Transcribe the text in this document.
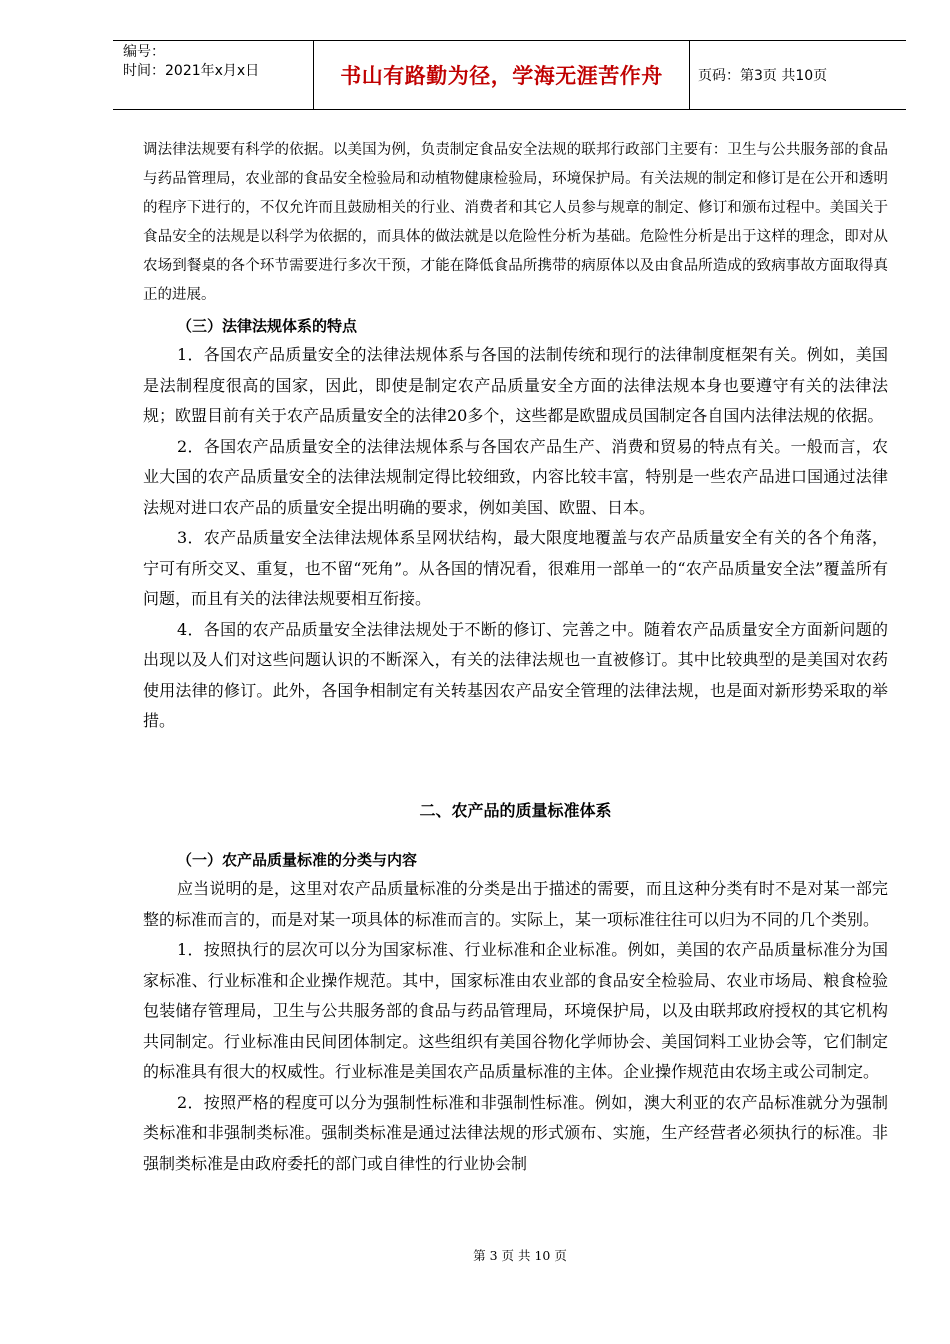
编号：
时间：2021年x月x日	书山有路勤为径，学海无涯苦作舟	页码：第3页 共10页

调法律法规要有科学的依据。以美国为例，负责制定食品安全法规的联邦行政部门主要有：卫生与公共服务部的食品与药品管理局，农业部的食品安全检验局和动植物健康检验局，环境保护局。有关法规的制定和修订是在公开和透明的程序下进行的，不仅允许而且鼓励相关的行业、消费者和其它人员参与规章的制定、修订和颁布过程中。美国关于食品安全的法规是以科学为依据的，而具体的做法就是以危险性分析为基础。危险性分析是出于这样的理念，即对从农场到餐桌的各个环节需要进行多次干预，才能在降低食品所携带的病原体以及由食品所造成的致病事故方面取得真正的进展。

（三）法律法规体系的特点

1．各国农产品质量安全的法律法规体系与各国的法制传统和现行的法律制度框架有关。例如，美国是法制程度很高的国家，因此，即使是制定农产品质量安全方面的法律法规本身也要遵守有关的法律法规；欧盟目前有关于农产品质量安全的法律20多个，这些都是欧盟成员国制定各自国内法律法规的依据。

2．各国农产品质量安全的法律法规体系与各国农产品生产、消费和贸易的特点有关。一般而言，农业大国的农产品质量安全的法律法规制定得比较细致，内容比较丰富，特别是一些农产品进口国通过法律法规对进口农产品的质量安全提出明确的要求，例如美国、欧盟、日本。

3．农产品质量安全法律法规体系呈网状结构，最大限度地覆盖与农产品质量安全有关的各个角落，宁可有所交叉、重复，也不留“死角”。从各国的情况看，很难用一部单一的“农产品质量安全法”覆盖所有问题，而且有关的法律法规要相互衔接。

4．各国的农产品质量安全法律法规处于不断的修订、完善之中。随着农产品质量安全方面新问题的出现以及人们对这些问题认识的不断深入，有关的法律法规也一直被修订。其中比较典型的是美国对农药使用法律的修订。此外，各国争相制定有关转基因农产品安全管理的法律法规，也是面对新形势采取的举措。

二、农产品的质量标准体系

（一）农产品质量标准的分类与内容

应当说明的是，这里对农产品质量标准的分类是出于描述的需要，而且这种分类有时不是对某一部完整的标准而言的，而是对某一项具体的标准而言的。实际上，某一项标准往往可以归为不同的几个类别。

1．按照执行的层次可以分为国家标准、行业标准和企业标准。例如，美国的农产品质量标准分为国家标准、行业标准和企业操作规范。其中，国家标准由农业部的食品安全检验局、农业市场局、粮食检验包装储存管理局，卫生与公共服务部的食品与药品管理局，环境保护局，以及由联邦政府授权的其它机构共同制定。行业标准由民间团体制定。这些组织有美国谷物化学师协会、美国饲料工业协会等，它们制定的标准具有很大的权威性。行业标准是美国农产品质量标准的主体。企业操作规范由农场主或公司制定。

2．按照严格的程度可以分为强制性标准和非强制性标准。例如，澳大利亚的农产品标准就分为强制类标准和非强制类标准。强制类标准是通过法律法规的形式颁布、实施，生产经营者必须执行的标准。非强制类标准是由政府委托的部门或自律性的行业协会制

第 3 页 共 10 页
